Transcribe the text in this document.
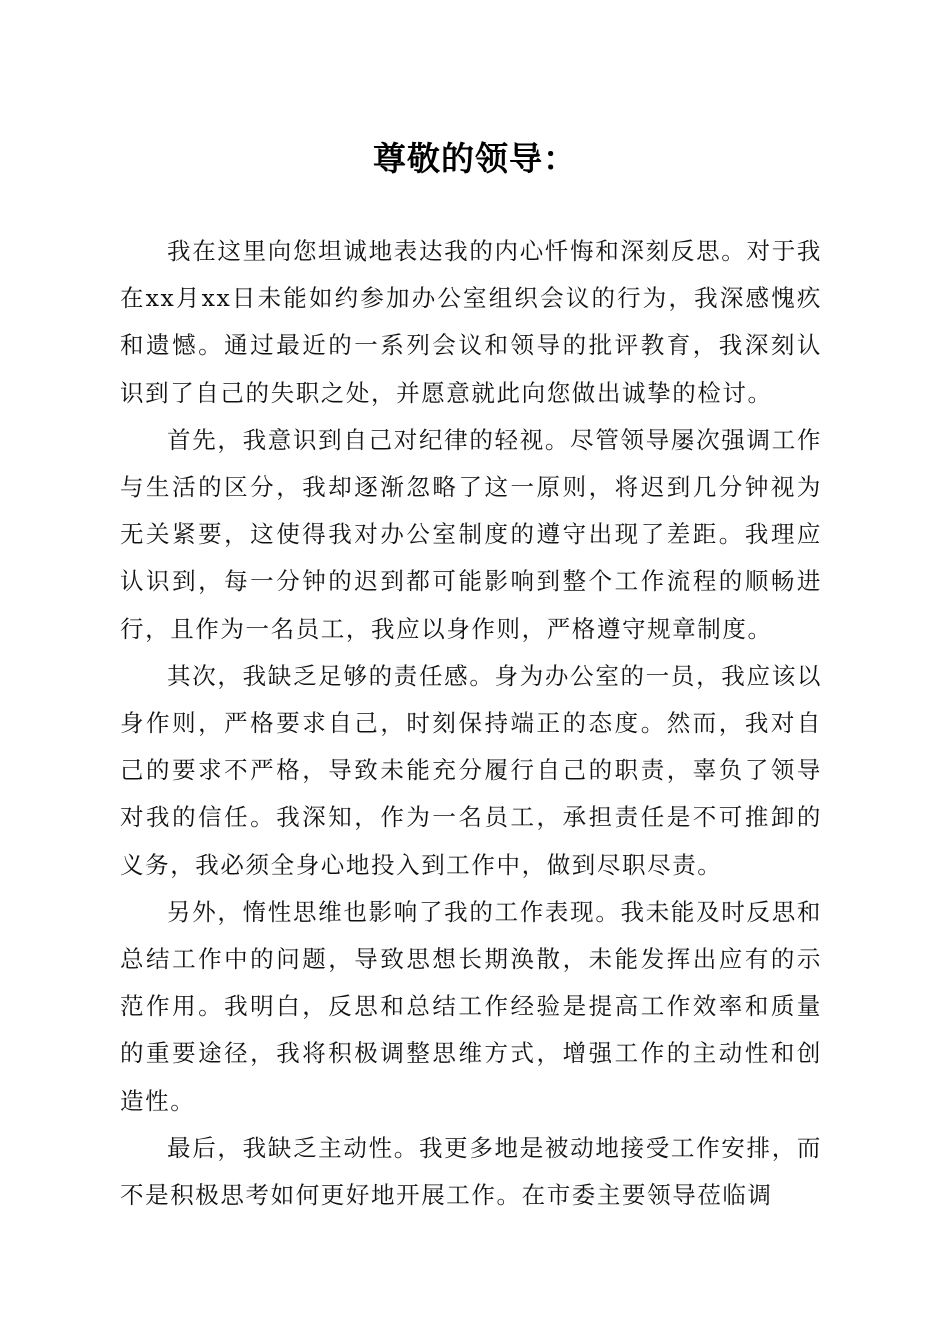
尊敬的领导：

我在这里向您坦诚地表达我的内心忏悔和深刻反思。对于我在xx月xx日未能如约参加办公室组织会议的行为，我深感愧疚和遗憾。通过最近的一系列会议和领导的批评教育，我深刻认识到了自己的失职之处，并愿意就此向您做出诚挚的检讨。

首先，我意识到自己对纪律的轻视。尽管领导屡次强调工作与生活的区分，我却逐渐忽略了这一原则，将迟到几分钟视为无关紧要，这使得我对办公室制度的遵守出现了差距。我理应认识到，每一分钟的迟到都可能影响到整个工作流程的顺畅进行，且作为一名员工，我应以身作则，严格遵守规章制度。

其次，我缺乏足够的责任感。身为办公室的一员，我应该以身作则，严格要求自己，时刻保持端正的态度。然而，我对自己的要求不严格，导致未能充分履行自己的职责，辜负了领导对我的信任。我深知，作为一名员工，承担责任是不可推卸的义务，我必须全身心地投入到工作中，做到尽职尽责。

另外，惰性思维也影响了我的工作表现。我未能及时反思和总结工作中的问题，导致思想长期涣散，未能发挥出应有的示范作用。我明白，反思和总结工作经验是提高工作效率和质量的重要途径，我将积极调整思维方式，增强工作的主动性和创造性。

最后，我缺乏主动性。我更多地是被动地接受工作安排，而不是积极思考如何更好地开展工作。在市委主要领导莅临调
